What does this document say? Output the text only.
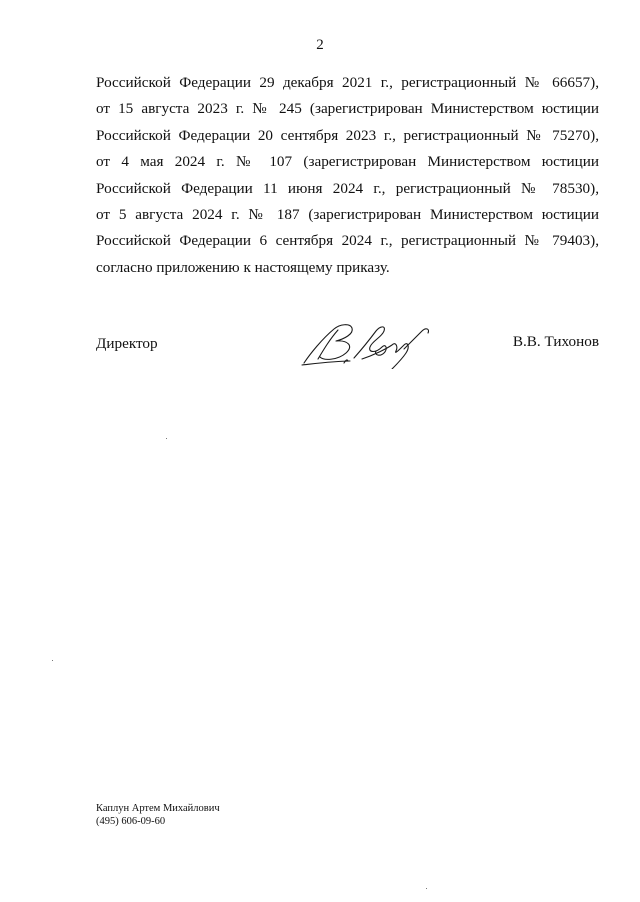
2
Российской Федерации 29 декабря 2021 г., регистрационный № 66657),
от 15 августа 2023 г. № 245 (зарегистрирован Министерством юстиции
Российской Федерации 20 сентября 2023 г., регистрационный № 75270),
от 4 мая 2024 г. № 107 (зарегистрирован Министерством юстиции
Российской Федерации 11 июня 2024 г., регистрационный № 78530),
от 5 августа 2024 г. № 187 (зарегистрирован Министерством юстиции
Российской Федерации 6 сентября 2024 г., регистрационный № 79403),
согласно приложению к настоящему приказу.
Директор	В.В. Тихонов
Каплун Артем Михайлович
(495) 606-09-60
